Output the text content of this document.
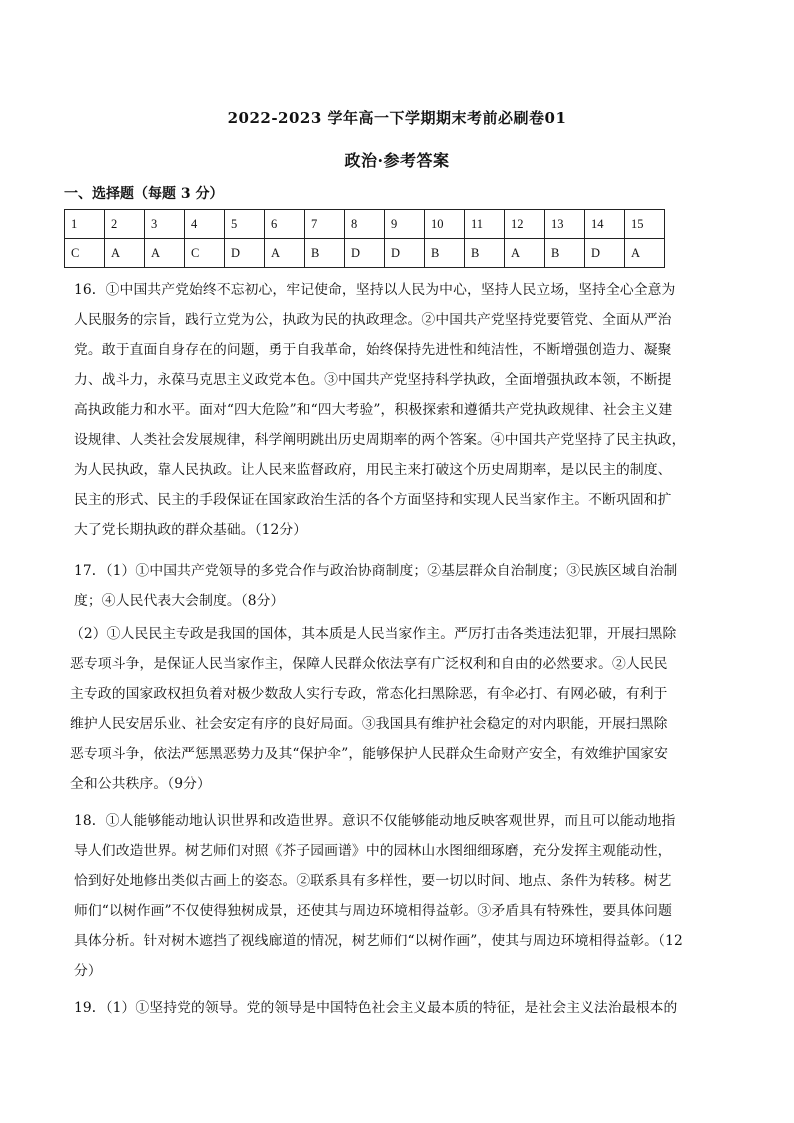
2022-2023 学年高一下学期期末考前必刷卷01
政治·参考答案
一、选择题（每题 3 分）
1	2	3	4	5	6	7	8	9	10	11	12	13	14	15
C	A	A	C	D	A	B	D	D	B	B	A	B	D	A
16．①中国共产党始终不忘初心，牢记使命，坚持以人民为中心，坚持人民立场，坚持全心全意为
人民服务的宗旨，践行立党为公，执政为民的执政理念。②中国共产党坚持党要管党、全面从严治
党。敢于直面自身存在的问题，勇于自我革命，始终保持先进性和纯洁性，不断增强创造力、凝聚
力、战斗力，永葆马克思主义政党本色。③中国共产党坚持科学执政，全面增强执政本领，不断提
高执政能力和水平。面对“四大危险”和“四大考验”，积极探索和遵循共产党执政规律、社会主义建
设规律、人类社会发展规律，科学阐明跳出历史周期率的两个答案。④中国共产党坚持了民主执政，
为人民执政，靠人民执政。让人民来监督政府，用民主来打破这个历史周期率，是以民主的制度、
民主的形式、民主的手段保证在国家政治生活的各个方面坚持和实现人民当家作主。不断巩固和扩
大了党长期执政的群众基础。（12分）
17．（1）①中国共产党领导的多党合作与政治协商制度；②基层群众自治制度；③民族区域自治制
度；④人民代表大会制度。（8分）
（2）①人民民主专政是我国的国体，其本质是人民当家作主。严厉打击各类违法犯罪，开展扫黑除
恶专项斗争，是保证人民当家作主，保障人民群众依法享有广泛权利和自由的必然要求。②人民民
主专政的国家政权担负着对极少数敌人实行专政，常态化扫黑除恶，有伞必打、有网必破，有利于
维护人民安居乐业、社会安定有序的良好局面。③我国具有维护社会稳定的对内职能，开展扫黑除
恶专项斗争，依法严惩黑恶势力及其“保护伞”，能够保护人民群众生命财产安全，有效维护国家安
全和公共秩序。（9分）
18．①人能够能动地认识世界和改造世界。意识不仅能够能动地反映客观世界，而且可以能动地指
导人们改造世界。树艺师们对照《芥子园画谱》中的园林山水图细细琢磨，充分发挥主观能动性，
恰到好处地修出类似古画上的姿态。②联系具有多样性，要一切以时间、地点、条件为转移。树艺
师们“以树作画”不仅使得独树成景，还使其与周边环境相得益彰。③矛盾具有特殊性，要具体问题
具体分析。针对树木遮挡了视线廊道的情况，树艺师们“以树作画”，使其与周边环境相得益彰。（12
分）
19．（1）①坚持党的领导。党的领导是中国特色社会主义最本质的特征，是社会主义法治最根本的
